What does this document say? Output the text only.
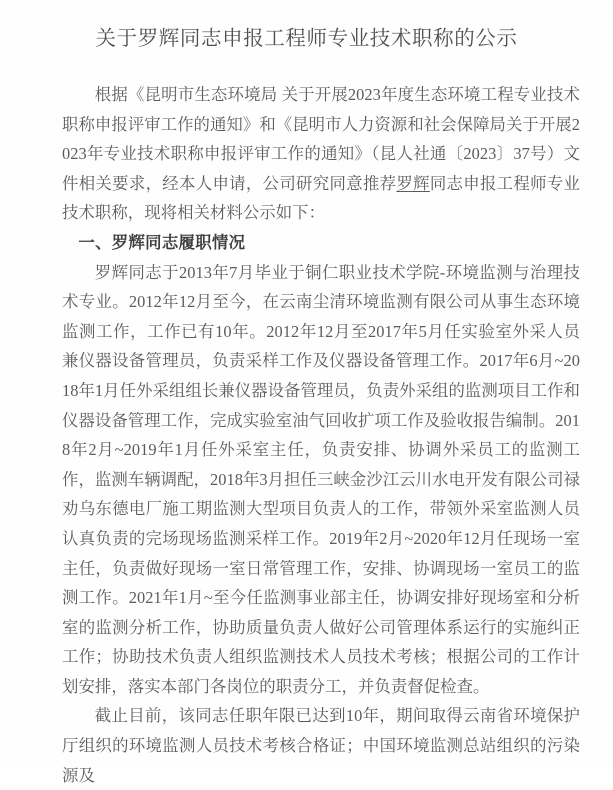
关于罗辉同志申报工程师专业技术职称的公示

根据《昆明市生态环境局 关于开展2023年度生态环境工程专业技术职称申报评审工作的通知》和《昆明市人力资源和社会保障局关于开展2023年专业技术职称申报评审工作的通知》（昆人社通〔2023〕37号）文件相关要求，经本人申请，公司研究同意推荐罗辉同志申报工程师专业技术职称，现将相关材料公示如下：

一、罗辉同志履职情况

罗辉同志于2013年7月毕业于铜仁职业技术学院-环境监测与治理技术专业。2012年12月至今，在云南尘清环境监测有限公司从事生态环境监测工作，工作已有10年。2012年12月至2017年5月任实验室外采人员兼仪器设备管理员，负责采样工作及仪器设备管理工作。2017年6月~2018年1月任外采组组长兼仪器设备管理员，负责外采组的监测项目工作和仪器设备管理工作，完成实验室油气回收扩项工作及验收报告编制。2018年2月~2019年1月任外采室主任，负责安排、协调外采员工的监测工作，监测车辆调配，2018年3月担任三峡金沙江云川水电开发有限公司禄劝乌东德电厂施工期监测大型项目负责人的工作，带领外采室监测人员认真负责的完场现场监测采样工作。2019年2月~2020年12月任现场一室主任，负责做好现场一室日常管理工作，安排、协调现场一室员工的监测工作。2021年1月~至今任监测事业部主任，协调安排好现场室和分析室的监测分析工作，协助质量负责人做好公司管理体系运行的实施纠正工作；协助技术负责人组织监测技术人员技术考核；根据公司的工作计划安排，落实本部门各岗位的职责分工，并负责督促检查。

截止目前，该同志任职年限已达到10年，期间取得云南省环境保护厅组织的环境监测人员技术考核合格证；中国环境监测总站组织的污染源及
